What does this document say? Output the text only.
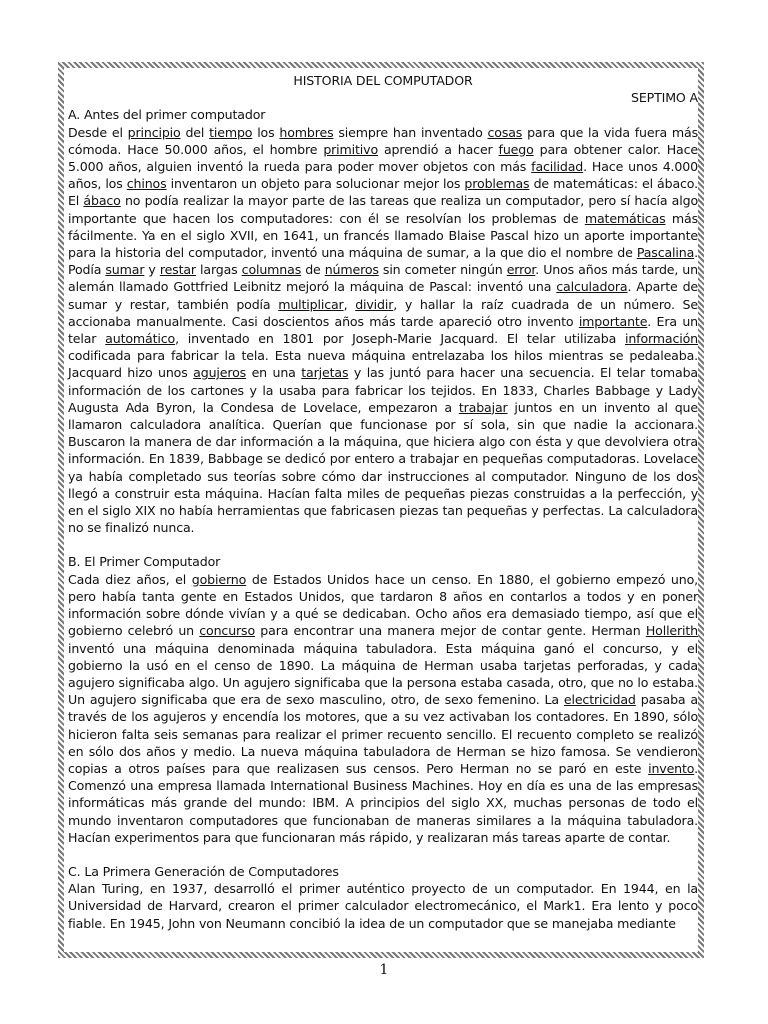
HISTORIA DEL COMPUTADOR

SEPTIMO A

A. Antes del primer computador

Desde el principio del tiempo los hombres siempre han inventado cosas para que la vida fuera más cómoda. Hace 50.000 años, el hombre primitivo aprendió a hacer fuego para obtener calor. Hace 5.000 años, alguien inventó la rueda para poder mover objetos con más facilidad. Hace unos 4.000 años, los chinos inventaron un objeto para solucionar mejor los problemas de matemáticas: el ábaco. El ábaco no podía realizar la mayor parte de las tareas que realiza un computador, pero sí hacía algo importante que hacen los computadores: con él se resolvían los problemas de matemáticas más fácilmente. Ya en el siglo XVII, en 1641, un francés llamado Blaise Pascal hizo un aporte importante para la historia del computador, inventó una máquina de sumar, a la que dio el nombre de Pascalina. Podía sumar y restar largas columnas de números sin cometer ningún error. Unos años más tarde, un alemán llamado Gottfried Leibnitz mejoró la máquina de Pascal: inventó una calculadora. Aparte de sumar y restar, también podía multiplicar, dividir, y hallar la raíz cuadrada de un número. Se accionaba manualmente. Casi doscientos años más tarde apareció otro invento importante. Era un telar automático, inventado en 1801 por Joseph-Marie Jacquard. El telar utilizaba información codificada para fabricar la tela. Esta nueva máquina entrelazaba los hilos mientras se pedaleaba. Jacquard hizo unos agujeros en una tarjetas y las juntó para hacer una secuencia. El telar tomaba información de los cartones y la usaba para fabricar los tejidos. En 1833, Charles Babbage y Lady Augusta Ada Byron, la Condesa de Lovelace, empezaron a trabajar juntos en un invento al que llamaron calculadora analítica. Querían que funcionase por sí sola, sin que nadie la accionara. Buscaron la manera de dar información a la máquina, que hiciera algo con ésta y que devolviera otra información. En 1839, Babbage se dedicó por entero a trabajar en pequeñas computadoras. Lovelace ya había completado sus teorías sobre cómo dar instrucciones al computador. Ninguno de los dos llegó a construir esta máquina. Hacían falta miles de pequeñas piezas construidas a la perfección, y en el siglo XIX no había herramientas que fabricasen piezas tan pequeñas y perfectas. La calculadora no se finalizó nunca.

B. El Primer Computador

Cada diez años, el gobierno de Estados Unidos hace un censo. En 1880, el gobierno empezó uno, pero había tanta gente en Estados Unidos, que tardaron 8 años en contarlos a todos y en poner información sobre dónde vivían y a qué se dedicaban. Ocho años era demasiado tiempo, así que el gobierno celebró un concurso para encontrar una manera mejor de contar gente. Herman Hollerith inventó una máquina denominada máquina tabuladora. Esta máquina ganó el concurso, y el gobierno la usó en el censo de 1890. La máquina de Herman usaba tarjetas perforadas, y cada agujero significaba algo. Un agujero significaba que la persona estaba casada, otro, que no lo estaba. Un agujero significaba que era de sexo masculino, otro, de sexo femenino. La electricidad pasaba a través de los agujeros y encendía los motores, que a su vez activaban los contadores. En 1890, sólo hicieron falta seis semanas para realizar el primer recuento sencillo. El recuento completo se realizó en sólo dos años y medio. La nueva máquina tabuladora de Herman se hizo famosa. Se vendieron copias a otros países para que realizasen sus censos. Pero Herman no se paró en este invento. Comenzó una empresa llamada International Business Machines. Hoy en día es una de las empresas informáticas más grande del mundo: IBM. A principios del siglo XX, muchas personas de todo el mundo inventaron computadores que funcionaban de maneras similares a la máquina tabuladora. Hacían experimentos para que funcionaran más rápido, y realizaran más tareas aparte de contar.

C. La Primera Generación de Computadores

Alan Turing, en 1937, desarrolló el primer auténtico proyecto de un computador. En 1944, en la Universidad de Harvard, crearon el primer calculador electromecánico, el Mark1. Era lento y poco fiable. En 1945, John von Neumann concibió la idea de un computador que se manejaba mediante

1
